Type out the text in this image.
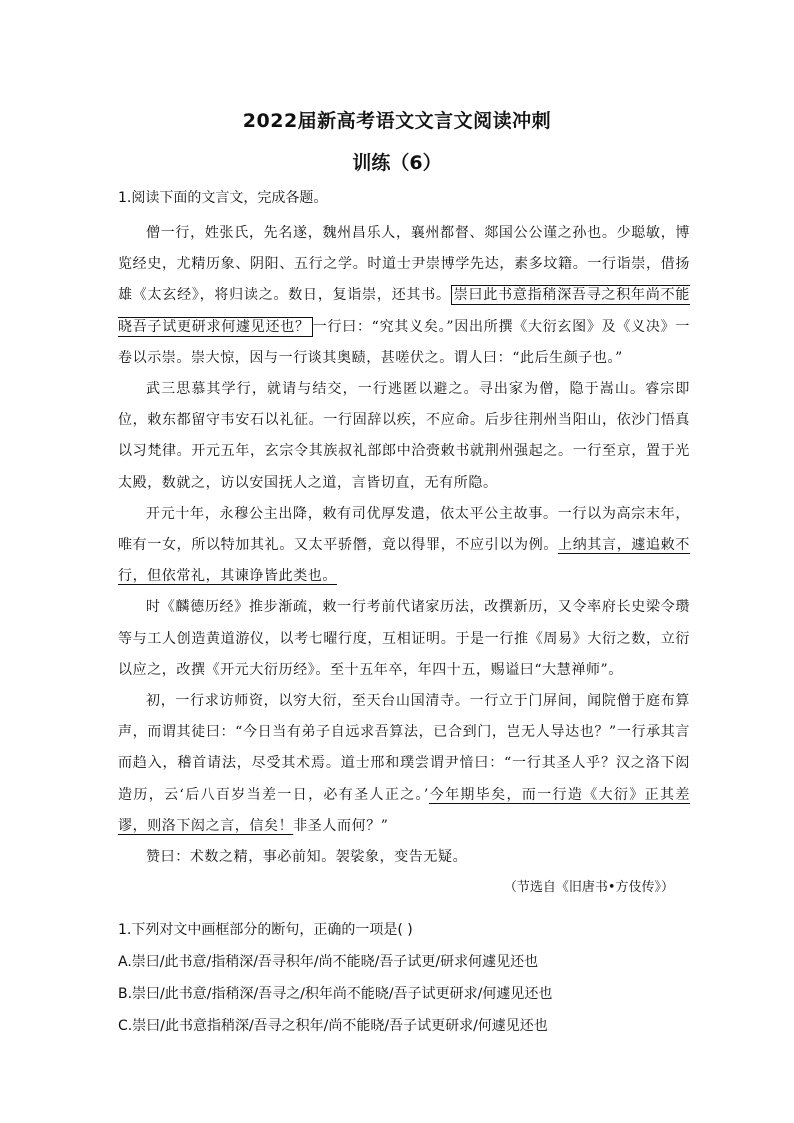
2022届新高考语文文言文阅读冲刺
训练（6）
1.阅读下面的文言文，完成各题。

僧一行，姓张氏，先名遂，魏州昌乐人，襄州都督、郯国公公谨之孙也。少聪敏，博览经史，尤精历象、阴阳、五行之学。时道士尹崇博学先达，素多坟籍。一行诣崇，借扬雄《太玄经》，将归读之。数日，复诣崇，还其书。 崇曰此书意指稍深吾寻之积年尚不能晓吾子试更研求何遽见还也？ 一行曰：“究其义矣。”因出所撰《大衍玄图》及《义决》一卷以示崇。崇大惊，因与一行谈其奥赜，甚嗟伏之。谓人曰：“此后生颜子也。”

武三思慕其学行，就请与结交，一行逃匿以避之。寻出家为僧，隐于嵩山。睿宗即位，敕东都留守韦安石以礼征。一行固辞以疾，不应命。后步往荆州当阳山，依沙门悟真以习梵律。开元五年，玄宗令其族叔礼部郎中洽赍敕书就荆州强起之。一行至京，置于光太殿，数就之，访以安国抚人之道，言皆切直，无有所隐。

开元十年，永穆公主出降，敕有司优厚发遣，依太平公主故事。一行以为高宗末年，唯有一女，所以特加其礼。又太平骄僭，竟以得罪，不应引以为例。上纳其言，遽追敕不行，但依常礼，其谏诤皆此类也。

时《麟德历经》推步渐疏，敕一行考前代诸家历法，改撰新历，又令率府长史梁令瓒等与工人创造黄道游仪，以考七曜行度，互相证明。于是一行推《周易》大衍之数，立衍以应之，改撰《开元大衍历经》。至十五年卒，年四十五，赐谥曰“大慧禅师”。

初，一行求访师资，以穷大衍，至天台山国清寺。一行立于门屏间，闻院僧于庭布算声，而谓其徒曰：“今日当有弟子自远求吾算法，已合到门，岂无人导达也？”一行承其言而趋入，稽首请法，尽受其术焉。道士邢和璞尝谓尹愔曰：“一行其圣人乎？汉之洛下闳造历，云‘后八百岁当差一日，必有圣人正之。’今年期毕矣，而一行造《大衍》正其差谬，则洛下闳之言，信矣！非圣人而何？”

赞曰：术数之精，事必前知。袈裟象，变告无疑。

（节选自《旧唐书•方伎传》）
1.下列对文中画框部分的断句，正确的一项是( )
A.崇曰/此书意/指稍深/吾寻积年/尚不能晓/吾子试更/研求何遽见还也
B.崇曰/此书意/指稍深/吾寻之/积年尚不能晓/吾子试更研求/何遽见还也
C.崇曰/此书意指稍深/吾寻之积年/尚不能晓/吾子试更研求/何遽见还也
